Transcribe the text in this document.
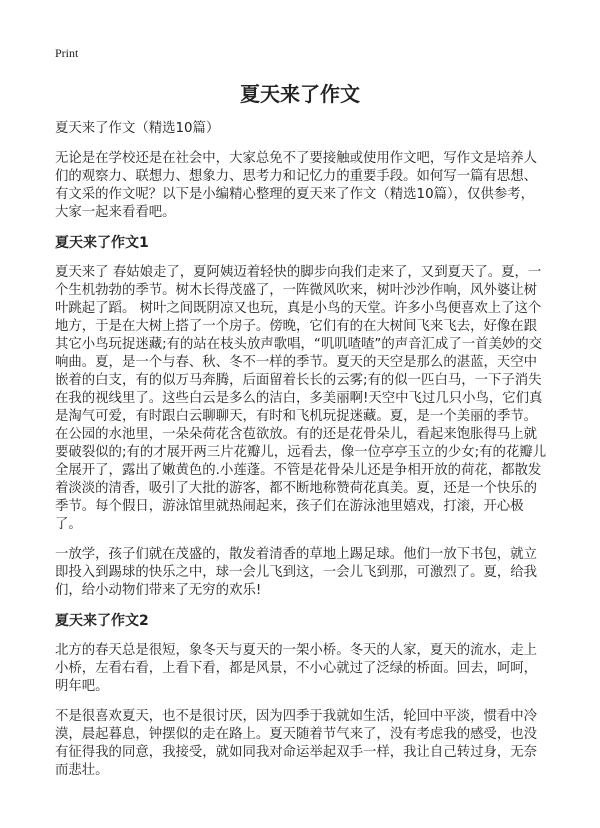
Print
夏天来了作文

夏天来了作文（精选10篇）

无论是在学校还是在社会中，大家总免不了要接触或使用作文吧，写作文是培养人们的观察力、联想力、想象力、思考力和记忆力的重要手段。如何写一篇有思想、有文采的作文呢？以下是小编精心整理的夏天来了作文（精选10篇），仅供参考，大家一起来看看吧。

夏天来了作文1

夏天来了 春姑娘走了，夏阿姨迈着轻快的脚步向我们走来了，又到夏天了。夏，一个生机勃勃的季节。树木长得茂盛了，一阵微风吹来，树叶沙沙作响，风外婆让树叶跳起了蹈。 树叶之间既阴凉又也玩，真是小鸟的天堂。许多小鸟便喜欢上了这个地方，于是在大树上搭了一个房子。傍晚，它们有的在大树间飞来飞去，好像在跟其它小鸟玩捉迷藏;有的站在枝头放声歌唱，“叽叽喳喳”的声音汇成了一首美妙的交响曲。夏，是一个与春、秋、冬不一样的季节。夏天的天空是那么的湛蓝，天空中嵌着的白支，有的似万马奔腾，后面留着长长的云雾;有的似一匹白马，一下子消失在我的视线里了。这些白云是多么的洁白，多美丽啊!天空中飞过几只小鸟，它们真是淘气可爱，有时跟白云聊聊天，有时和飞机玩捉迷藏。夏，是一个美丽的季节。在公园的水池里，一朵朵荷花含苞欲放。有的还是花骨朵儿，看起来饱胀得马上就要破裂似的;有的才展开两三片花瓣儿，远看去，像一位亭亭玉立的少女;有的花瓣儿全展开了，露出了嫩黄色的.小莲蓬。不管是花骨朵儿还是争相开放的荷花，都散发着淡淡的清香，吸引了大批的游客，都不断地称赞荷花真美。夏，还是一个快乐的季节。每个假日，游泳馆里就热闹起来，孩子们在游泳池里嬉戏，打滚，开心极了。

一放学，孩子们就在茂盛的，散发着清香的草地上踢足球。他们一放下书包，就立即投入到踢球的快乐之中，球一会儿飞到这，一会儿飞到那，可激烈了。夏，给我们，给小动物们带来了无穷的欢乐!

夏天来了作文2

北方的春天总是很短，象冬天与夏天的一架小桥。冬天的人家，夏天的流水，走上小桥，左看右看，上看下看，都是风景，不小心就过了泛绿的桥面。回去，呵呵，明年吧。

不是很喜欢夏天，也不是很讨厌，因为四季于我就如生活，轮回中平淡，惯看中冷漠，晨起暮息，钟摆似的走在路上。夏天随着节气来了，没有考虑我的感受，也没有征得我的同意，我接受，就如同我对命运举起双手一样，我让自己转过身，无奈而悲壮。
